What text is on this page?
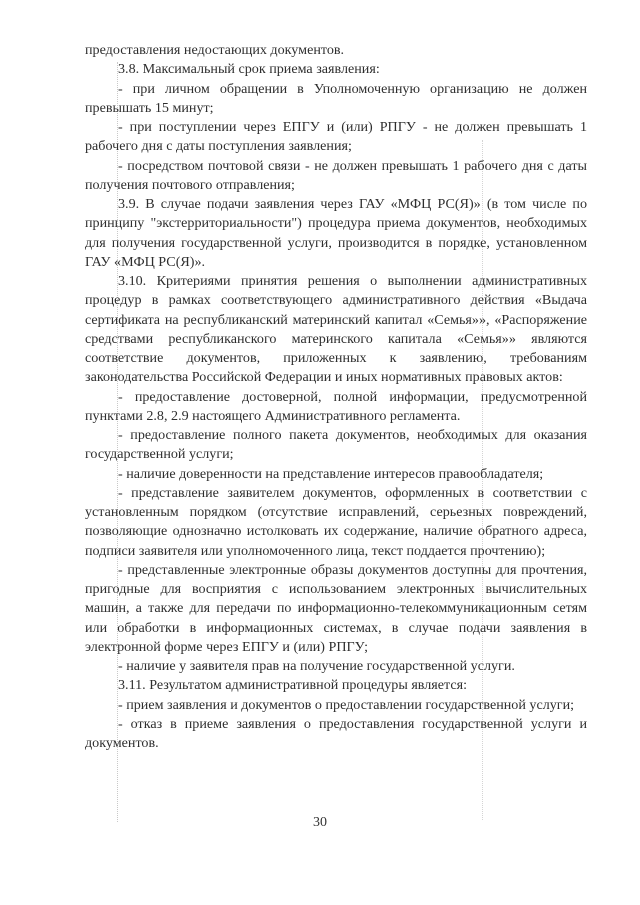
предоставления недостающих документов.

3.8. Максимальный срок приема заявления:

- при личном обращении в Уполномоченную организацию не должен превышать 15 минут;

- при поступлении через ЕПГУ и (или) РПГУ - не должен превышать 1 рабочего дня с даты поступления заявления;

- посредством почтовой связи - не должен превышать 1 рабочего дня с даты получения почтового отправления;

3.9. В случае подачи заявления через ГАУ «МФЦ РС(Я)» (в том числе по принципу "экстерриториальности") процедура приема документов, необходимых для получения государственной услуги, производится в порядке, установленном ГАУ «МФЦ РС(Я)».

3.10. Критериями принятия решения о выполнении административных процедур в рамках соответствующего административного действия «Выдача сертификата на республиканский материнский капитал «Семья»», «Распоряжение средствами республиканского материнского капитала «Семья»» являются соответствие документов, приложенных к заявлению, требованиям законодательства Российской Федерации и иных нормативных правовых актов:

- предоставление достоверной, полной информации, предусмотренной пунктами 2.8, 2.9 настоящего Административного регламента.

- предоставление полного пакета документов, необходимых для оказания государственной услуги;

- наличие доверенности на представление интересов правообладателя;

- представление заявителем документов, оформленных в соответствии с установленным порядком (отсутствие исправлений, серьезных повреждений, позволяющие однозначно истолковать их содержание, наличие обратного адреса, подписи заявителя или уполномоченного лица, текст поддается прочтению);

- представленные электронные образы документов доступны для прочтения, пригодные для восприятия с использованием электронных вычислительных машин, а также для передачи по информационно-телекоммуникационным сетям или обработки в информационных системах, в случае подачи заявления в электронной форме через ЕПГУ и (или) РПГУ;

- наличие у заявителя прав на получение государственной услуги.

3.11. Результатом административной процедуры является:

- прием заявления и документов о предоставлении государственной услуги;

- отказ в приеме заявления о предоставления государственной услуги и документов.

30
